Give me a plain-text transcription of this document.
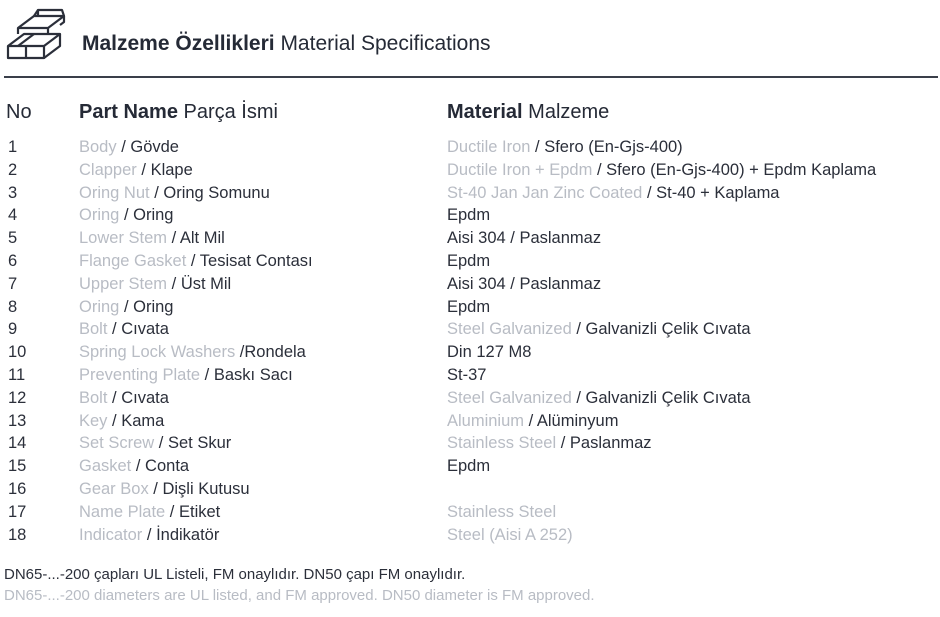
Malzeme Özellikleri Material Specifications
No Part Name Parça İsmi	Material Malzeme
1	Body / Gövde	Ductile Iron / Sfero (En-Gjs-400)
2	Clapper / Klape	Ductile Iron + Epdm / Sfero (En-Gjs-400) + Epdm Kaplama
3	Oring Nut / Oring Somunu	St-40 Jan Jan Zinc Coated / St-40 + Kaplama
4	Oring / Oring	Epdm
5	Lower Stem / Alt Mil	Aisi 304 / Paslanmaz
6	Flange Gasket / Tesisat Contası	Epdm
7	Upper Stem / Üst Mil	Aisi 304 / Paslanmaz
8	Oring / Oring	Epdm
9	Bolt / Cıvata	Steel Galvanized / Galvanizli Çelik Cıvata
10	Spring Lock Washers /Rondela	Din 127 M8
11	Preventing Plate / Baskı Sacı	St-37
12	Bolt / Cıvata	Steel Galvanized / Galvanizli Çelik Cıvata
13	Key / Kama	Aluminium / Alüminyum
14	Set Screw / Set Skur	Stainless Steel / Paslanmaz
15	Gasket / Conta	Epdm
16	Gear Box / Dişli Kutusu
17	Name Plate / Etiket	Stainless Steel
18	Indicator / İndikatör	Steel (Aisi A 252)
DN65-...-200 çapları UL Listeli, FM onaylıdır. DN50 çapı FM onaylıdır.
DN65-...-200 diameters are UL listed, and FM approved. DN50 diameter is FM approved.
